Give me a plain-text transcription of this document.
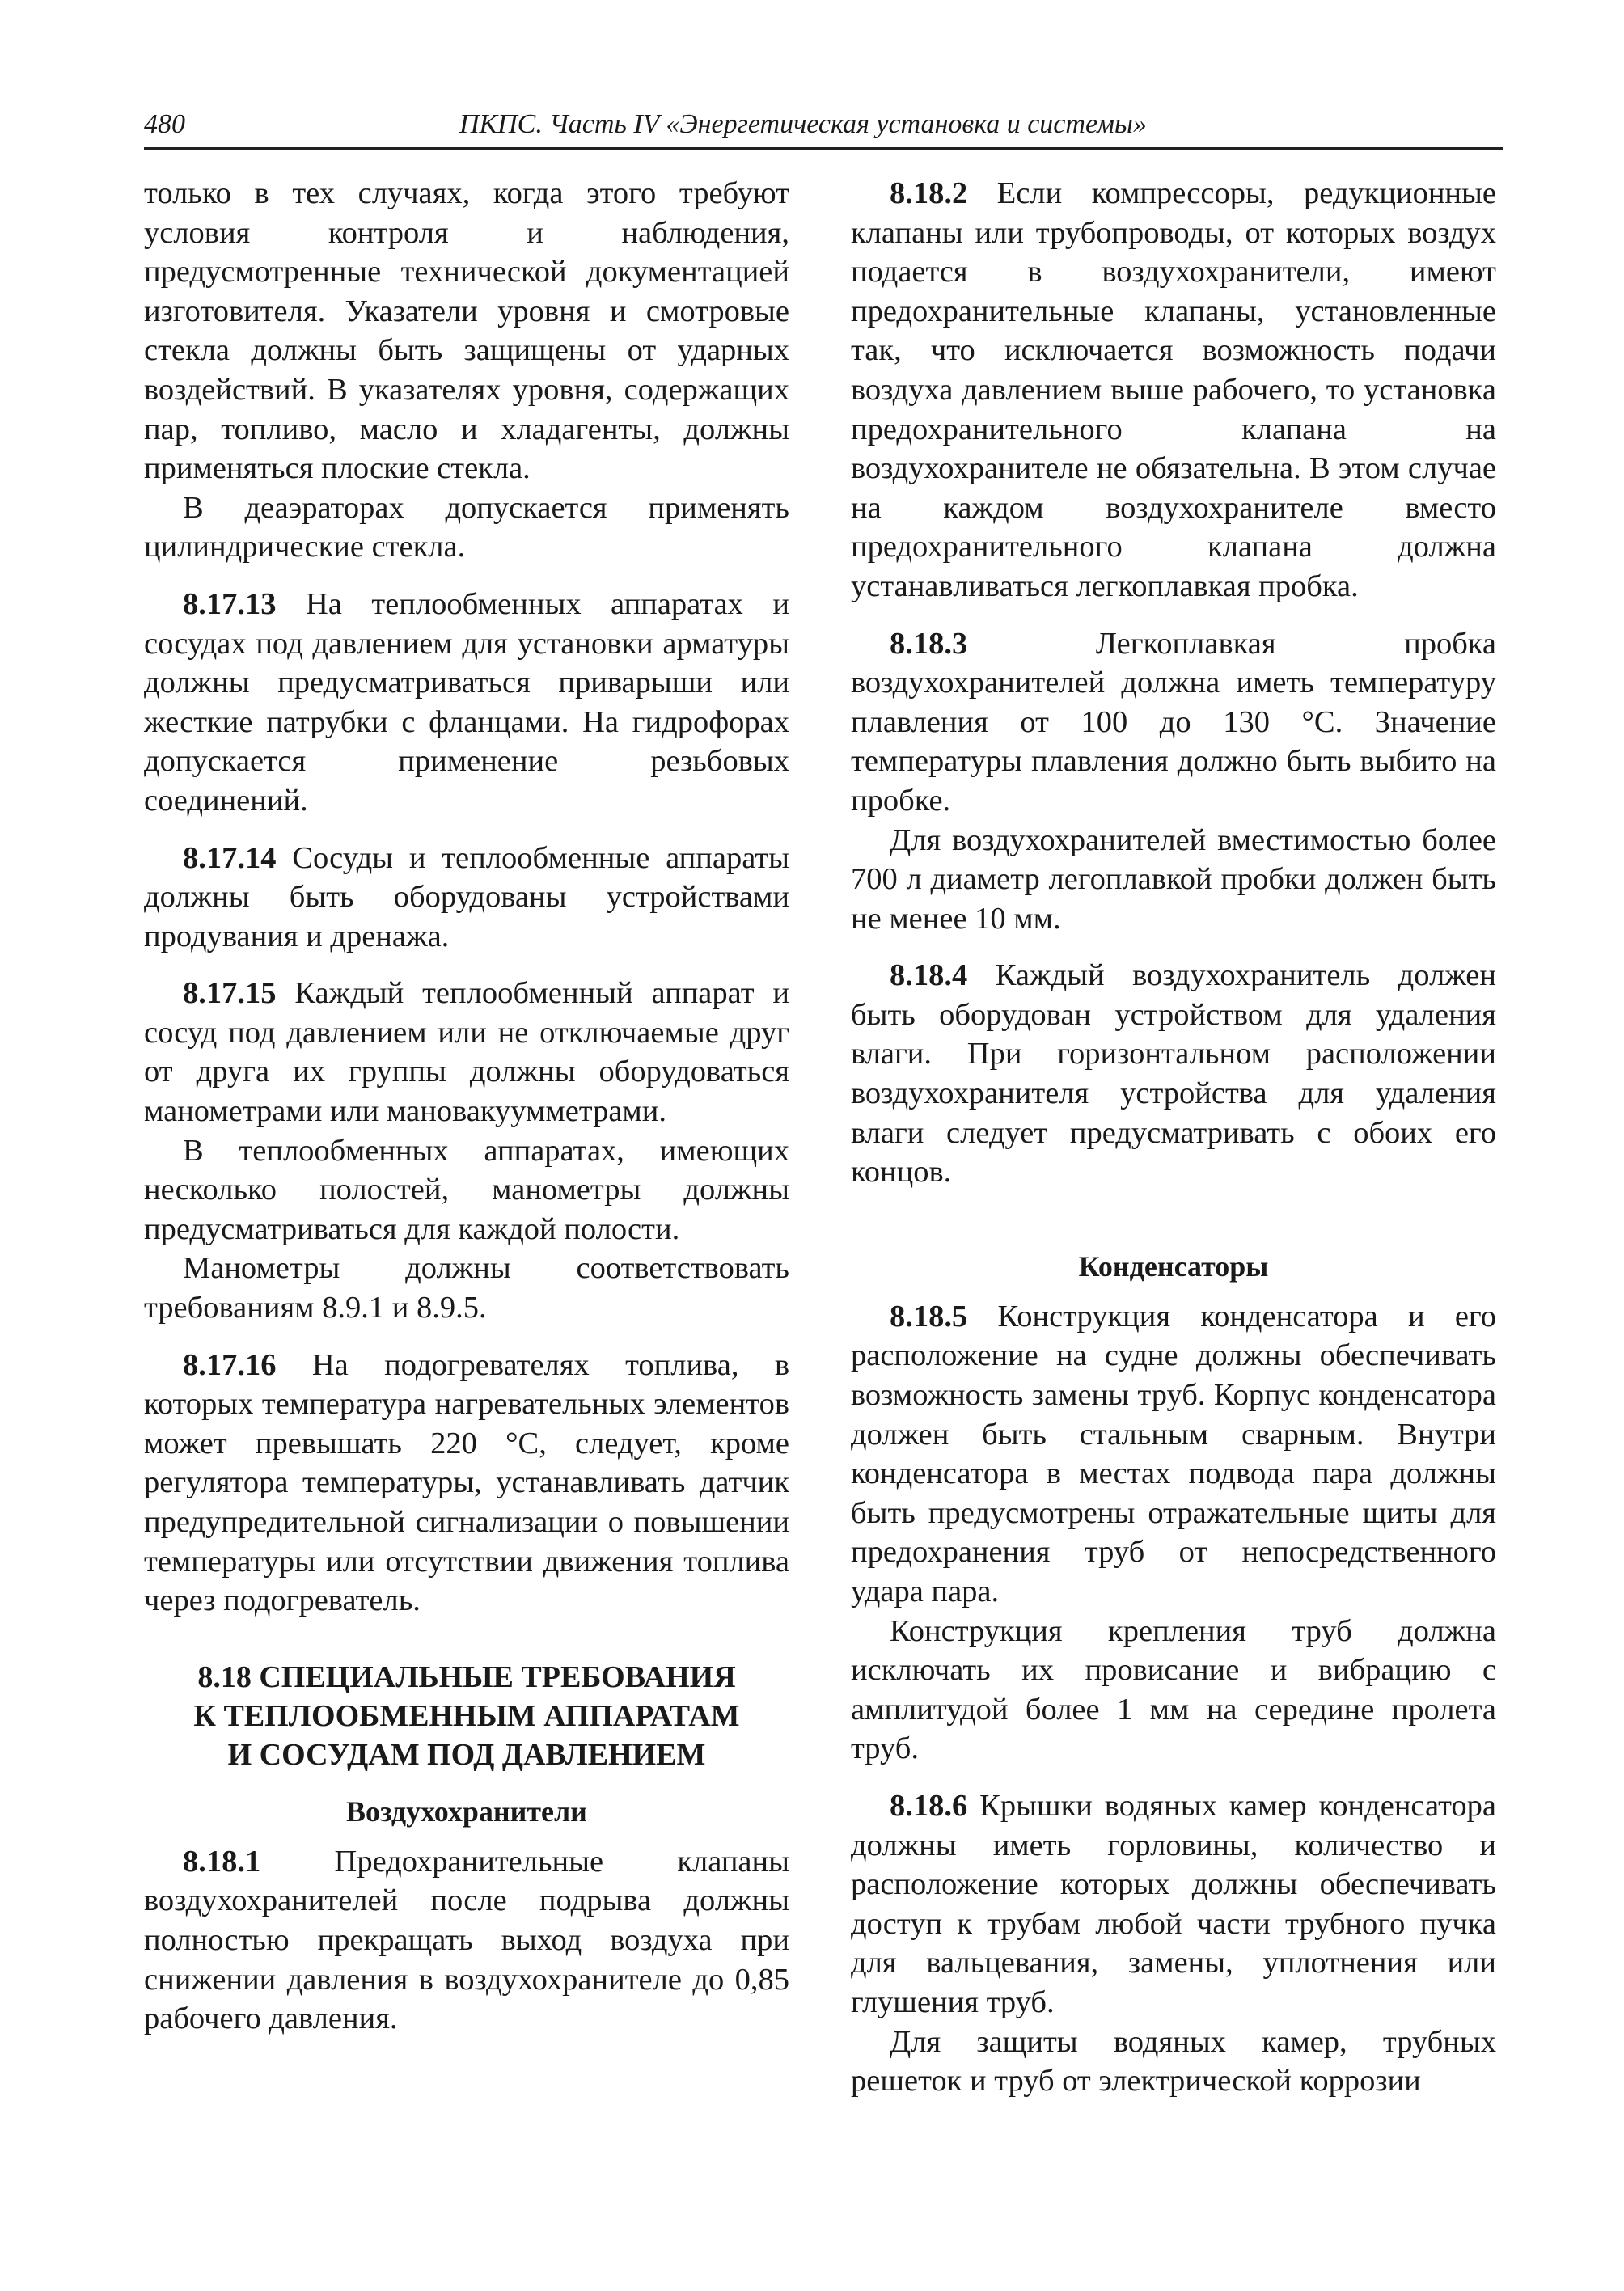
480	ПКПС. Часть IV «Энергетическая установка и системы»

только в тех случаях, когда этого требуют условия контроля и наблюдения, предусмотренные технической документацией изготовителя. Указатели уровня и смотровые стекла должны быть защищены от ударных воздействий. В указателях уровня, содержащих пар, топливо, масло и хладагенты, должны применяться плоские стекла.

В деаэраторах допускается применять цилиндрические стекла.

8.17.13 На теплообменных аппаратах и сосудах под давлением для установки арматуры должны предусматриваться приварыши или жесткие патрубки с фланцами. На гидрофорах допускается применение резьбовых соединений.

8.17.14 Сосуды и теплообменные аппараты должны быть оборудованы устройствами продувания и дренажа.

8.17.15 Каждый теплообменный аппарат и сосуд под давлением или не отключаемые друг от друга их группы должны оборудоваться манометрами или мановакуумметрами.

В теплообменных аппаратах, имеющих несколько полостей, манометры должны предусматриваться для каждой полости.

Манометры должны соответствовать требованиям 8.9.1 и 8.9.5.

8.17.16 На подогревателях топлива, в которых температура нагревательных элементов может превышать 220 °С, следует, кроме регулятора температуры, устанавливать датчик предупредительной сигнализации о повышении температуры или отсутствии движения топлива через подогреватель.

8.18 СПЕЦИАЛЬНЫЕ ТРЕБОВАНИЯ
К ТЕПЛООБМЕННЫМ АППАРАТАМ
И СОСУДАМ ПОД ДАВЛЕНИЕМ
Воздухохранители

8.18.1 Предохранительные клапаны воздухохранителей после подрыва должны полностью прекращать выход воздуха при снижении давления в воздухохранителе до 0,85 рабочего давления.

8.18.2 Если компрессоры, редукционные клапаны или трубопроводы, от которых воздух подается в воздухохранители, имеют предохранительные клапаны, установленные так, что исключается возможность подачи воздуха давлением выше рабочего, то установка предохранительного клапана на воздухохранителе не обязательна. В этом случае на каждом воздухохранителе вместо предохранительного клапана должна устанавливаться легкоплавкая пробка.

8.18.3	Легкоплавкая пробка воздухохранителей должна иметь температуру плавления от 100 до 130 °С. Значение температуры плавления должно быть выбито на пробке.

Для воздухохранителей вместимостью более 700 л диаметр легоплавкой пробки должен быть не менее 10 мм.

8.18.4 Каждый воздухохранитель должен быть оборудован устройством для удаления влаги. При горизонтальном расположении воздухохранителя устройства для удаления влаги следует предусматривать с обоих его концов.

Конденсаторы

8.18.5 Конструкция конденсатора и его расположение на судне должны обеспечивать возможность замены труб. Корпус конденсатора должен быть стальным сварным. Внутри конденсатора в местах подвода пара должны быть предусмотрены отражательные щиты для предохранения труб от непосредственного удара пара.

Конструкция крепления труб должна исключать их провисание и вибрацию с амплитудой более 1 мм на середине пролета труб.

8.18.6 Крышки водяных камер конденсатора должны иметь горловины, количество и расположение которых должны обеспечивать доступ к трубам любой части трубного пучка для вальцевания, замены, уплотнения или глушения труб.

Для защиты водяных камер, трубных решеток и труб от электрической коррозии
